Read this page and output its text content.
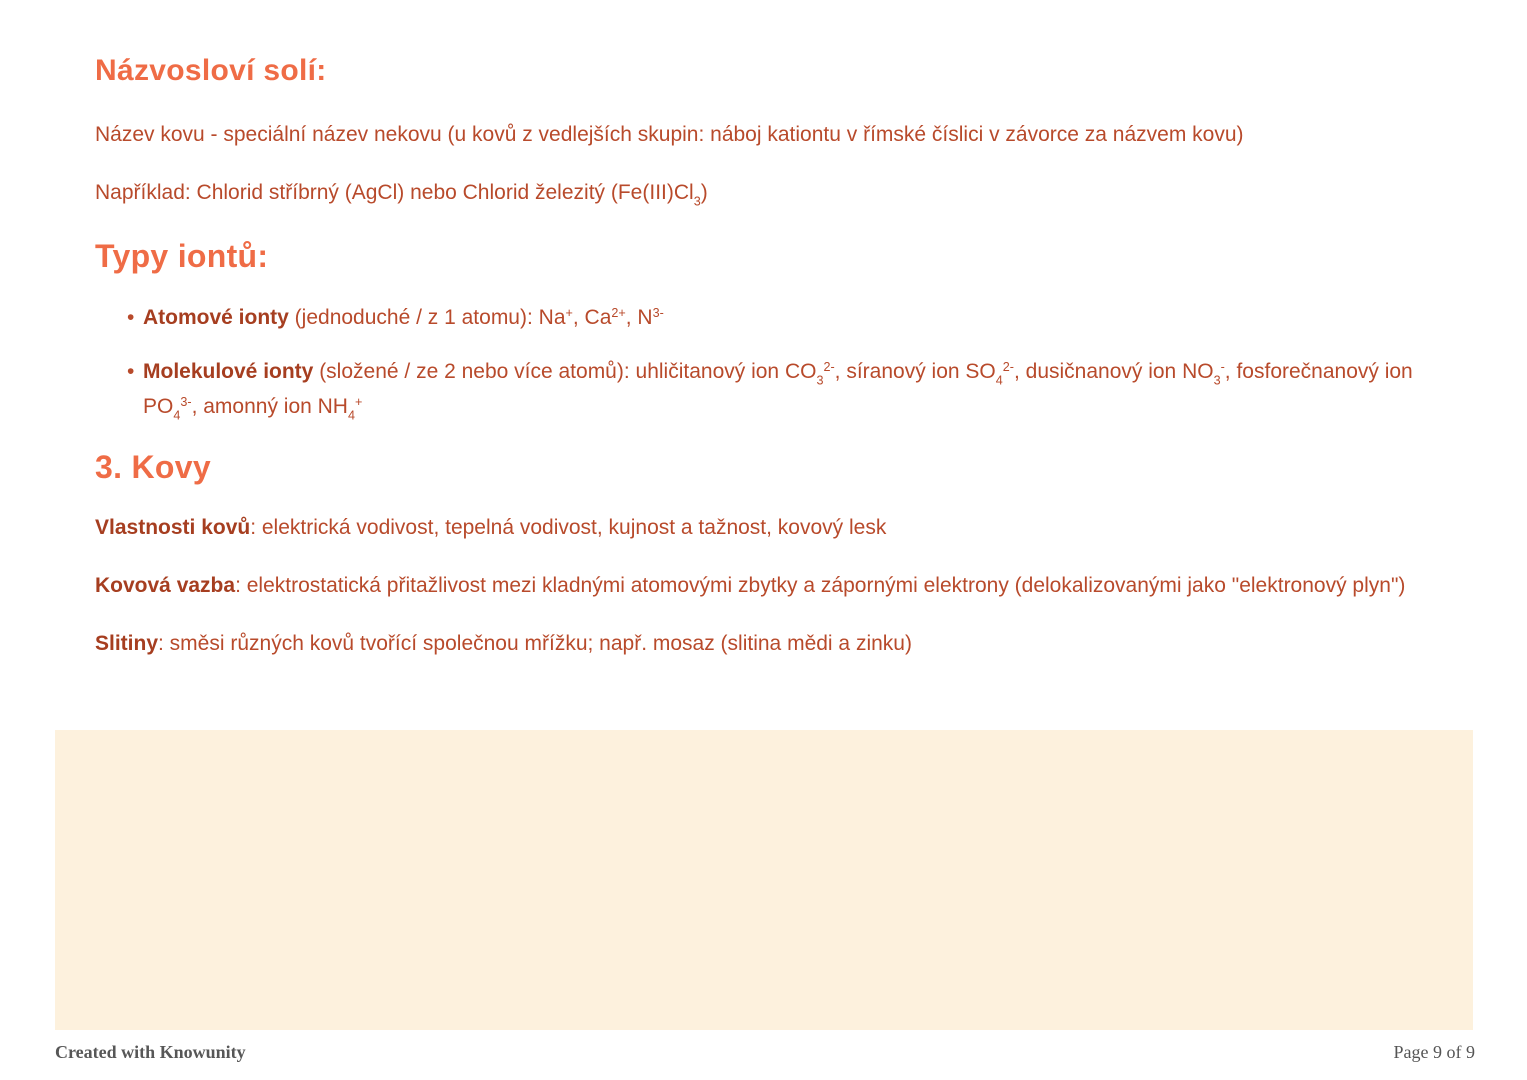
Názvosloví solí:

Název kovu - speciální název nekovu (u kovů z vedlejších skupin: náboj kationtu v římské číslici v závorce za názvem kovu)

Například: Chlorid stříbrný (AgCl) nebo Chlorid železitý $(Fe(III)Cl_3)$

Typy iontů:
• Atomové ionty (jednoduché / z 1 atomu): Na+, $Ca^{2+}$, $N^{3-}$
• Molekulové ionty (složené / ze 2 nebo více atomů): uhličitanový ion $CO_3^{2-}$, síranový ion $SO_4^{2-}$, dusičnanový ion $NO_3^-$, fosforečnanový ion $PO_4^{3-}$, amonný ion $NH_4^+$
3. Kovy

Vlastnosti kovů: elektrická vodivost, tepelná vodivost, kujnost a tažnost, kovový lesk

Kovová vazba: elektrostatická přitažlivost mezi kladnými atomovými zbytky a zápornými elektrony (delokalizovanými jako "elektronový plyn")

Slitiny: směsi různých kovů tvořící společnou mřížku; např. mosaz (slitina mědi a zinku)

Created with Knowunity	Page 9 of 9
